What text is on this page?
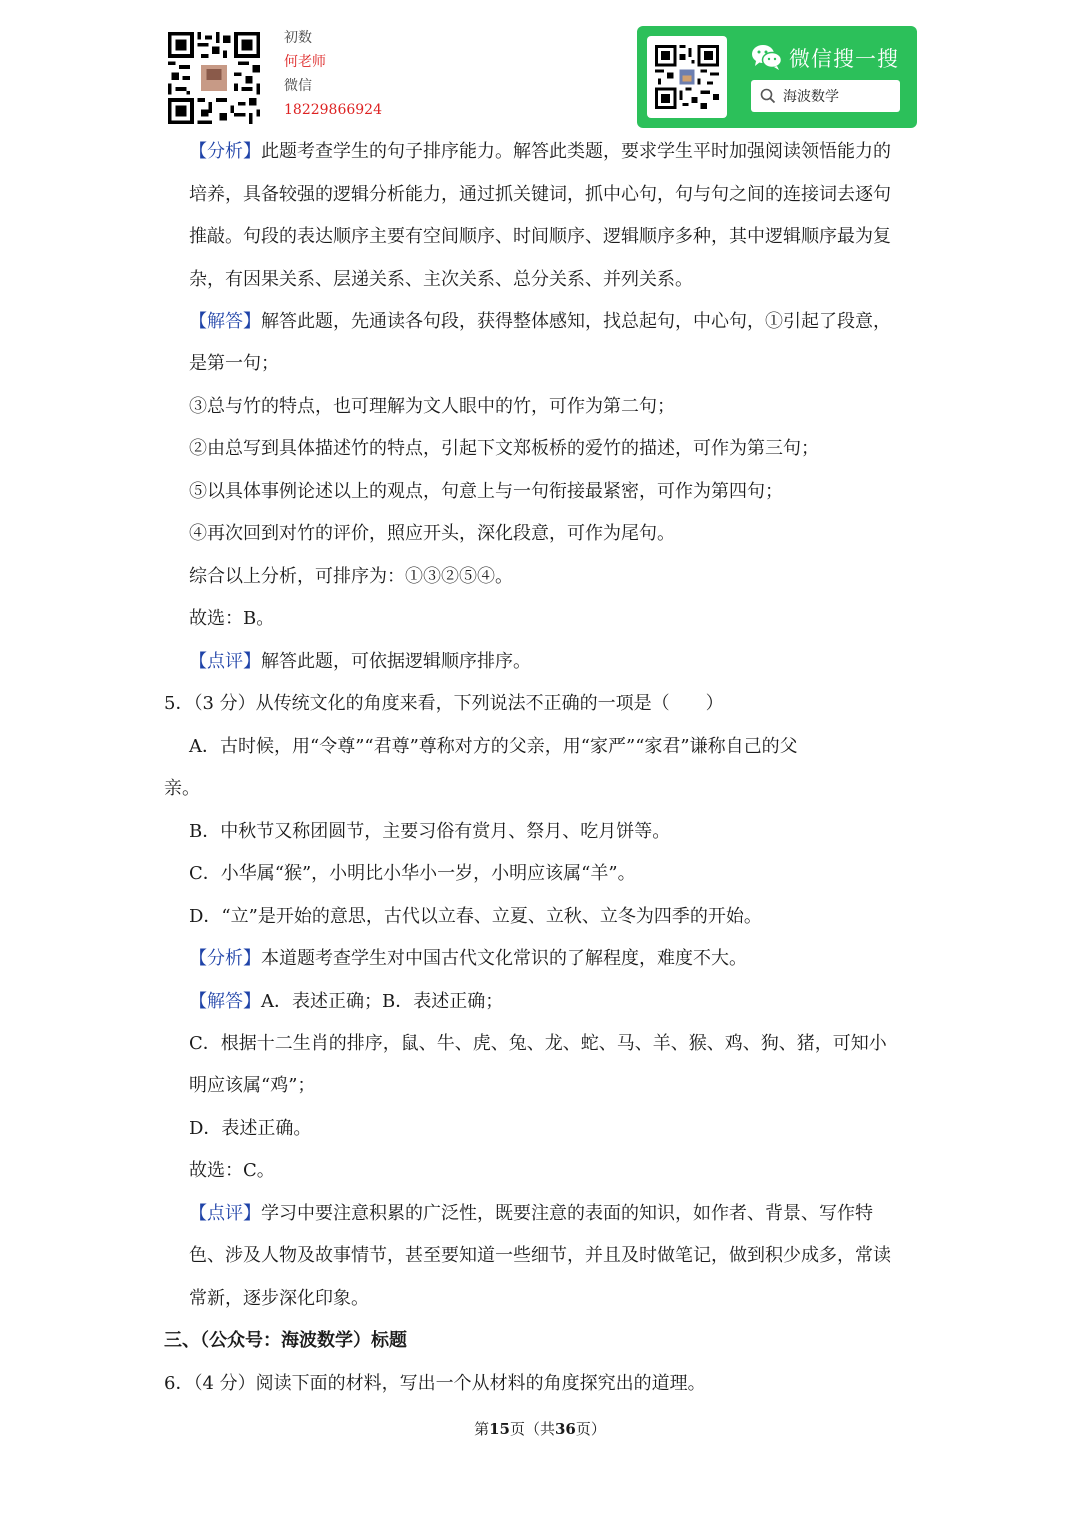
初数
何老师
微信
18229866924
微信搜一搜
海波数学
【分析】此题考查学生的句子排序能力。解答此类题，要求学生平时加强阅读领悟能力的
培养，具备较强的逻辑分析能力，通过抓关键词，抓中心句，句与句之间的连接词去逐句
推敲。句段的表达顺序主要有空间顺序、时间顺序、逻辑顺序多种，其中逻辑顺序最为复
杂，有因果关系、层递关系、主次关系、总分关系、并列关系。
【解答】解答此题，先通读各句段，获得整体感知，找总起句，中心句，①引起了段意，
是第一句；
③总与竹的特点，也可理解为文人眼中的竹，可作为第二句；
②由总写到具体描述竹的特点，引起下文郑板桥的爱竹的描述，可作为第三句；
⑤以具体事例论述以上的观点，句意上与一句衔接最紧密，可作为第四句；
④再次回到对竹的评价，照应开头，深化段意，可作为尾句。
综合以上分析，可排序为：①③②⑤④。
故选：B。
【点评】解答此题，可依据逻辑顺序排序。
5．（3 分）从传统文化的角度来看，下列说法不正确的一项是（　　）
A．古时候，用“令尊”“君尊”尊称对方的父亲，用“家严”“家君”谦称自己的父
亲。
B．中秋节又称团圆节，主要习俗有赏月、祭月、吃月饼等。
C．小华属“猴”，小明比小华小一岁，小明应该属“羊”。
D．“立”是开始的意思，古代以立春、立夏、立秋、立冬为四季的开始。
【分析】本道题考查学生对中国古代文化常识的了解程度，难度不大。
【解答】A．表述正确；B．表述正确；
C．根据十二生肖的排序，鼠、牛、虎、兔、龙、蛇、马、羊、猴、鸡、狗、猪，可知小
明应该属“鸡”；
D．表述正确。
故选：C。
【点评】学习中要注意积累的广泛性，既要注意的表面的知识，如作者、背景、写作特
色、涉及人物及故事情节，甚至要知道一些细节，并且及时做笔记，做到积少成多，常读
常新，逐步深化印象。
三、（公众号：海波数学）标题
6．（4 分）阅读下面的材料，写出一个从材料的角度探究出的道理。
第15页（共36页）
